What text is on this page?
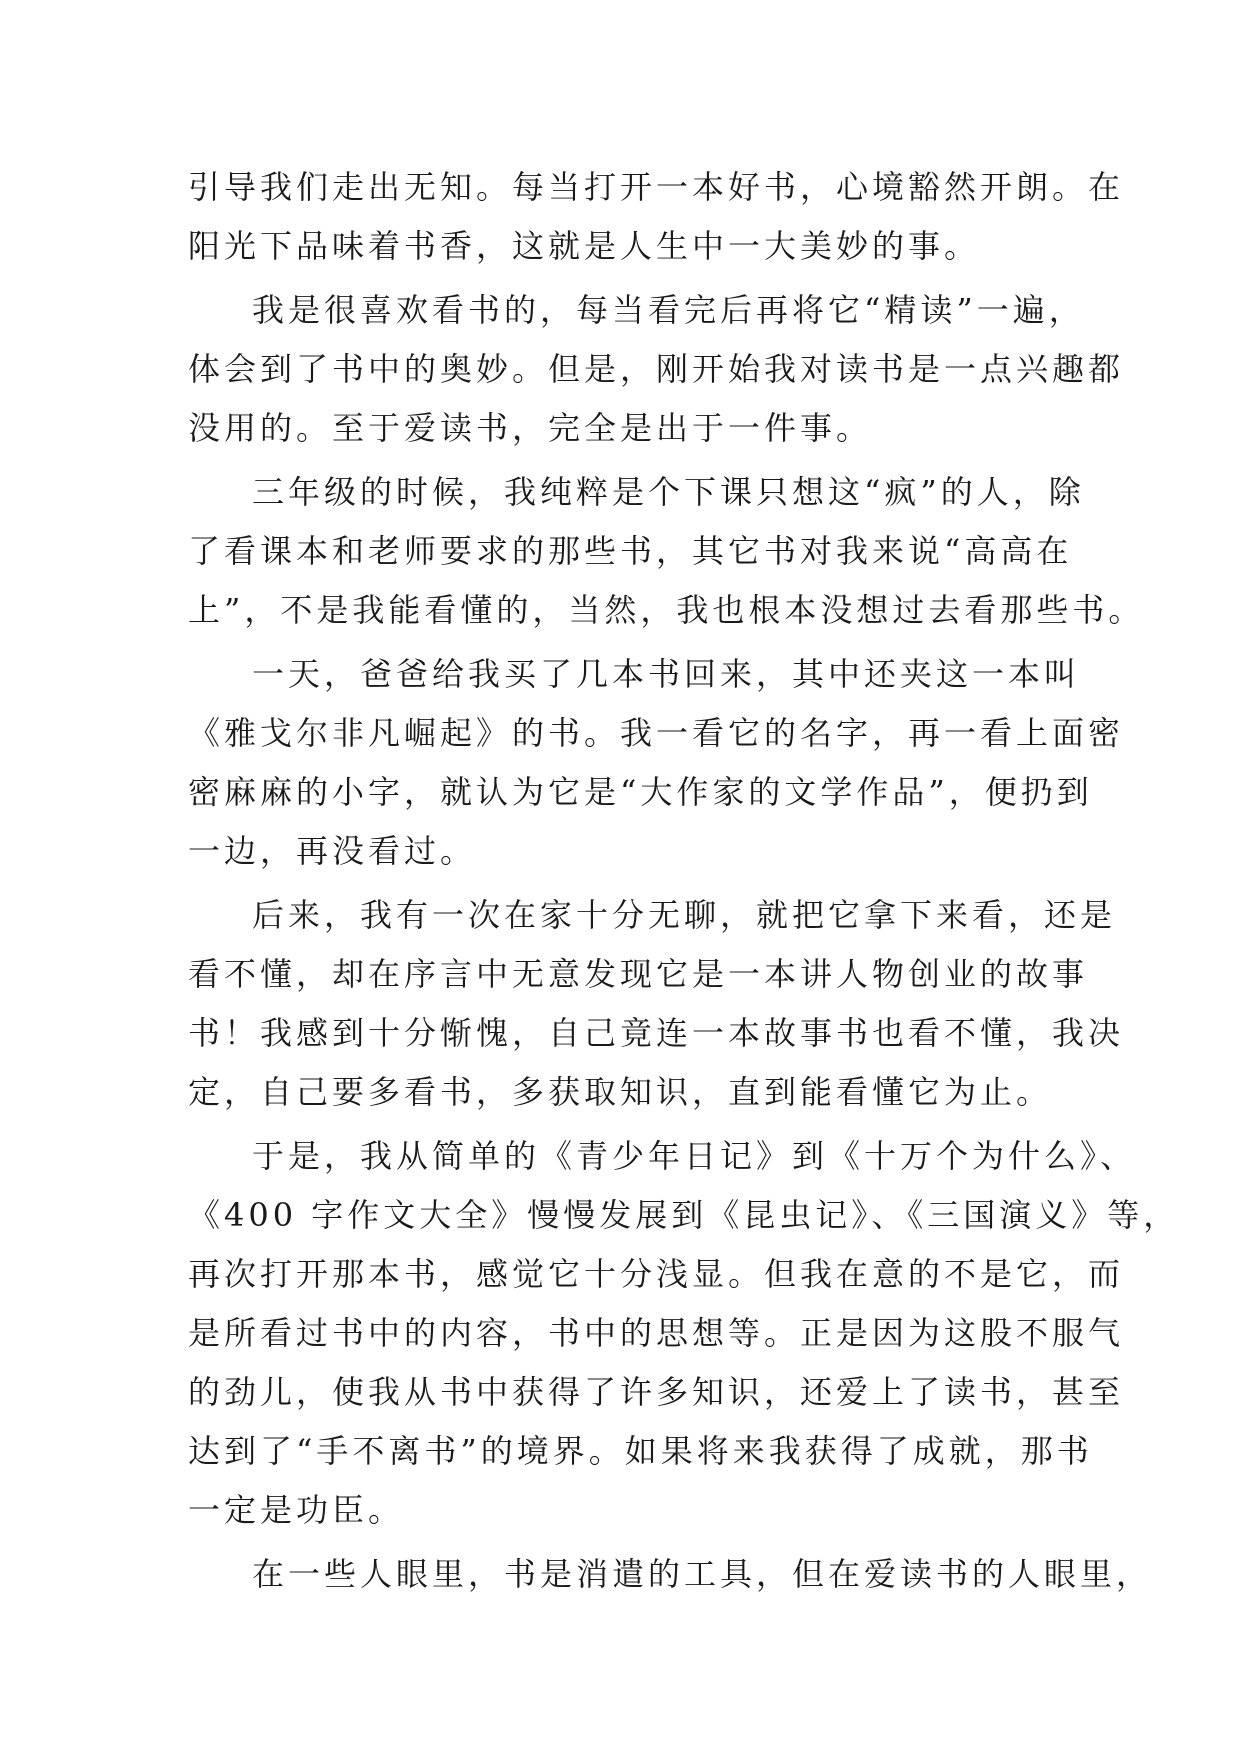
引导我们走出无知。每当打开一本好书，心境豁然开朗。在
阳光下品味着书香，这就是人生中一大美妙的事。

我是很喜欢看书的，每当看完后再将它“精读”一遍，
体会到了书中的奥妙。但是，刚开始我对读书是一点兴趣都
没用的。至于爱读书，完全是出于一件事。

三年级的时候，我纯粹是个下课只想这“疯”的人，除
了看课本和老师要求的那些书，其它书对我来说“高高在
上”，不是我能看懂的，当然，我也根本没想过去看那些书。

一天，爸爸给我买了几本书回来，其中还夹这一本叫
《雅戈尔非凡崛起》的书。我一看它的名字，再一看上面密
密麻麻的小字，就认为它是“大作家的文学作品”，便扔到
一边，再没看过。

后来，我有一次在家十分无聊，就把它拿下来看，还是
看不懂，却在序言中无意发现它是一本讲人物创业的故事
书！我感到十分惭愧，自己竟连一本故事书也看不懂，我决
定，自己要多看书，多获取知识，直到能看懂它为止。

于是，我从简单的《青少年日记》到《十万个为什么》、
《400 字作文大全》慢慢发展到《昆虫记》、《三国演义》等，
再次打开那本书，感觉它十分浅显。但我在意的不是它，而
是所看过书中的内容，书中的思想等。正是因为这股不服气
的劲儿，使我从书中获得了许多知识，还爱上了读书，甚至
达到了“手不离书”的境界。如果将来我获得了成就，那书
一定是功臣。

在一些人眼里，书是消遣的工具，但在爱读书的人眼里，
